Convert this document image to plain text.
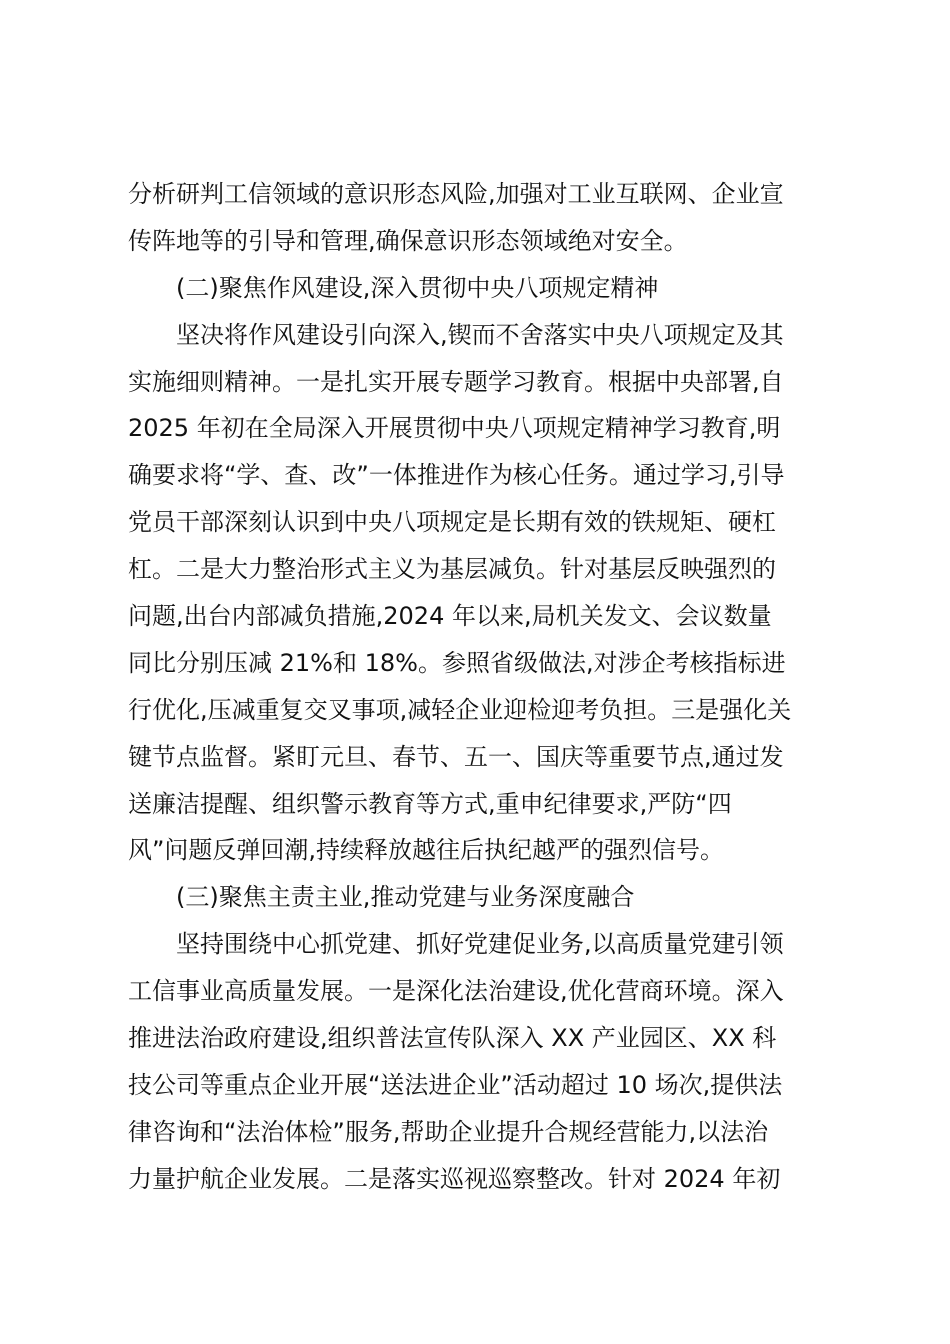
分析研判工信领域的意识形态风险,加强对工业互联网、企业宣
传阵地等的引导和管理,确保意识形态领域绝对安全。
(二)聚焦作风建设,深入贯彻中央八项规定精神
坚决将作风建设引向深入,锲而不舍落实中央八项规定及其
实施细则精神。一是扎实开展专题学习教育。根据中央部署,自
2025 年初在全局深入开展贯彻中央八项规定精神学习教育,明
确要求将“学、查、改”一体推进作为核心任务。通过学习,引导
党员干部深刻认识到中央八项规定是长期有效的铁规矩、硬杠
杠。二是大力整治形式主义为基层减负。针对基层反映强烈的
问题,出台内部减负措施,2024 年以来,局机关发文、会议数量
同比分别压减 21%和 18%。参照省级做法,对涉企考核指标进
行优化,压减重复交叉事项,减轻企业迎检迎考负担。三是强化关
键节点监督。紧盯元旦、春节、五一、国庆等重要节点,通过发
送廉洁提醒、组织警示教育等方式,重申纪律要求,严防“四
风”问题反弹回潮,持续释放越往后执纪越严的强烈信号。
(三)聚焦主责主业,推动党建与业务深度融合
坚持围绕中心抓党建、抓好党建促业务,以高质量党建引领
工信事业高质量发展。一是深化法治建设,优化营商环境。深入
推进法治政府建设,组织普法宣传队深入 XX 产业园区、XX 科
技公司等重点企业开展“送法进企业”活动超过 10 场次,提供法
律咨询和“法治体检”服务,帮助企业提升合规经营能力,以法治
力量护航企业发展。二是落实巡视巡察整改。针对 2024 年初
